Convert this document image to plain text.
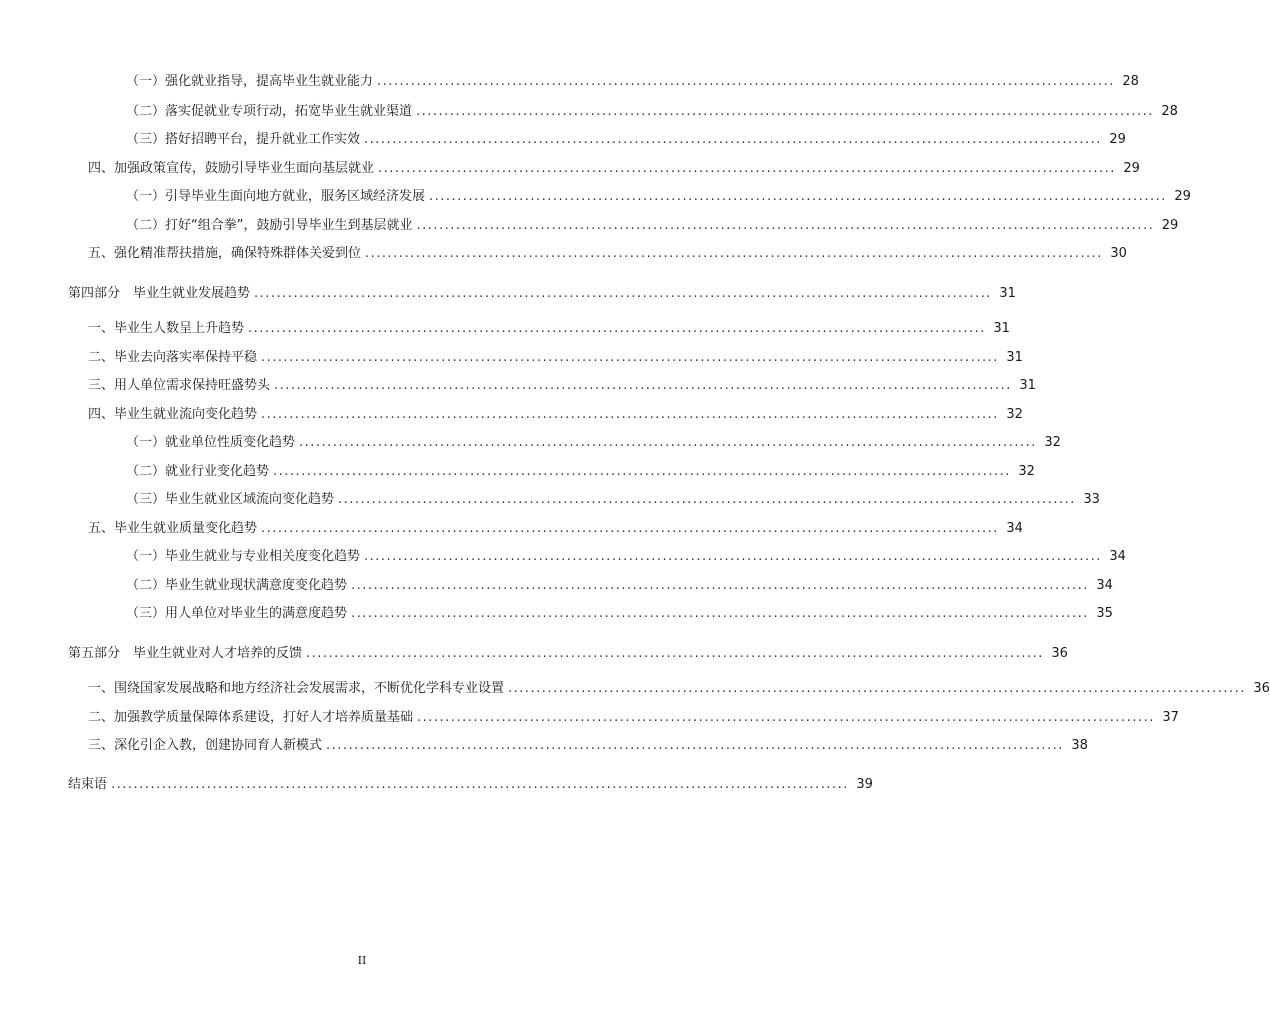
（一）强化就业指导，提高毕业生就业能力 ................................................................................................................................... 28
（二）落实促就业专项行动，拓宽毕业生就业渠道 ................................................................................................................................... 28
（三）搭好招聘平台，提升就业工作实效 ................................................................................................................................... 29
四、加强政策宣传，鼓励引导毕业生面向基层就业 ................................................................................................................................... 29
（一）引导毕业生面向地方就业，服务区域经济发展 ................................................................................................................................... 29
（二）打好“组合拳”，鼓励引导毕业生到基层就业 ................................................................................................................................... 29
五、强化精准帮扶措施，确保特殊群体关爱到位 ................................................................................................................................... 30
第四部分　毕业生就业发展趋势 ................................................................................................................................... 31
一、毕业生人数呈上升趋势 ................................................................................................................................... 31
二、毕业去向落实率保持平稳 ................................................................................................................................... 31
三、用人单位需求保持旺盛势头 ................................................................................................................................... 31
四、毕业生就业流向变化趋势 ................................................................................................................................... 32
（一）就业单位性质变化趋势 ................................................................................................................................... 32
（二）就业行业变化趋势 ................................................................................................................................... 32
（三）毕业生就业区域流向变化趋势 ................................................................................................................................... 33
五、毕业生就业质量变化趋势 ................................................................................................................................... 34
（一）毕业生就业与专业相关度变化趋势 ................................................................................................................................... 34
（二）毕业生就业现状满意度变化趋势 ................................................................................................................................... 34
（三）用人单位对毕业生的满意度趋势 ................................................................................................................................... 35
第五部分　毕业生就业对人才培养的反馈 ................................................................................................................................... 36
一、围绕国家发展战略和地方经济社会发展需求，不断优化学科专业设置 ................................................................................................................................... 36
二、加强教学质量保障体系建设，打好人才培养质量基础 ................................................................................................................................... 37
三、深化引企入教，创建协同育人新模式 ................................................................................................................................... 38
结束语 ................................................................................................................................... 39
II
